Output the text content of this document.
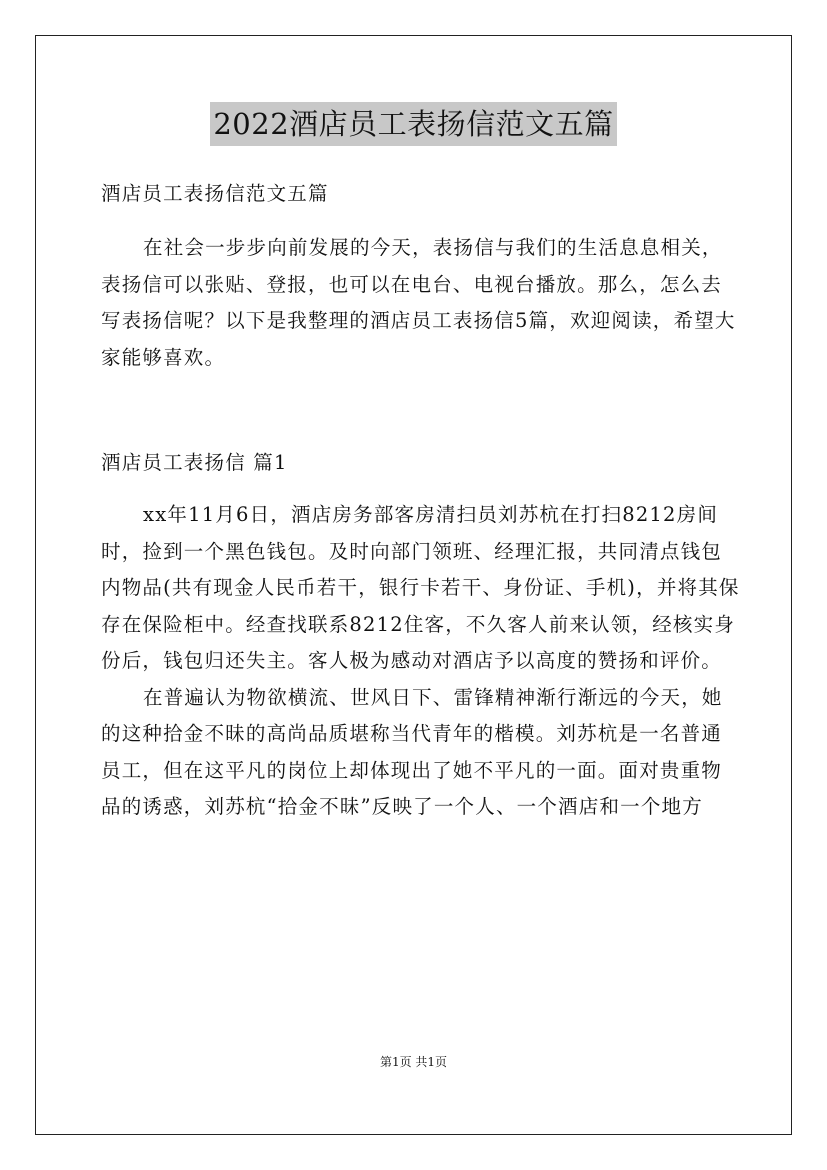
2022酒店员工表扬信范文五篇

酒店员工表扬信范文五篇

在社会一步步向前发展的今天，表扬信与我们的生活息息相关，表扬信可以张贴、登报，也可以在电台、电视台播放。那么，怎么去写表扬信呢？以下是我整理的酒店员工表扬信5篇，欢迎阅读，希望大家能够喜欢。

酒店员工表扬信 篇1

xx年11月6日，酒店房务部客房清扫员刘苏杭在打扫8212房间时，捡到一个黑色钱包。及时向部门领班、经理汇报，共同清点钱包内物品(共有现金人民币若干，银行卡若干、身份证、手机)，并将其保存在保险柜中。经查找联系8212住客，不久客人前来认领，经核实身份后，钱包归还失主。客人极为感动对酒店予以高度的赞扬和评价。

在普遍认为物欲横流、世风日下、雷锋精神渐行渐远的今天，她的这种拾金不昧的高尚品质堪称当代青年的楷模。刘苏杭是一名普通员工，但在这平凡的岗位上却体现出了她不平凡的一面。面对贵重物品的诱惑，刘苏杭“拾金不昧”反映了一个人、一个酒店和一个地方

第1页 共1页
